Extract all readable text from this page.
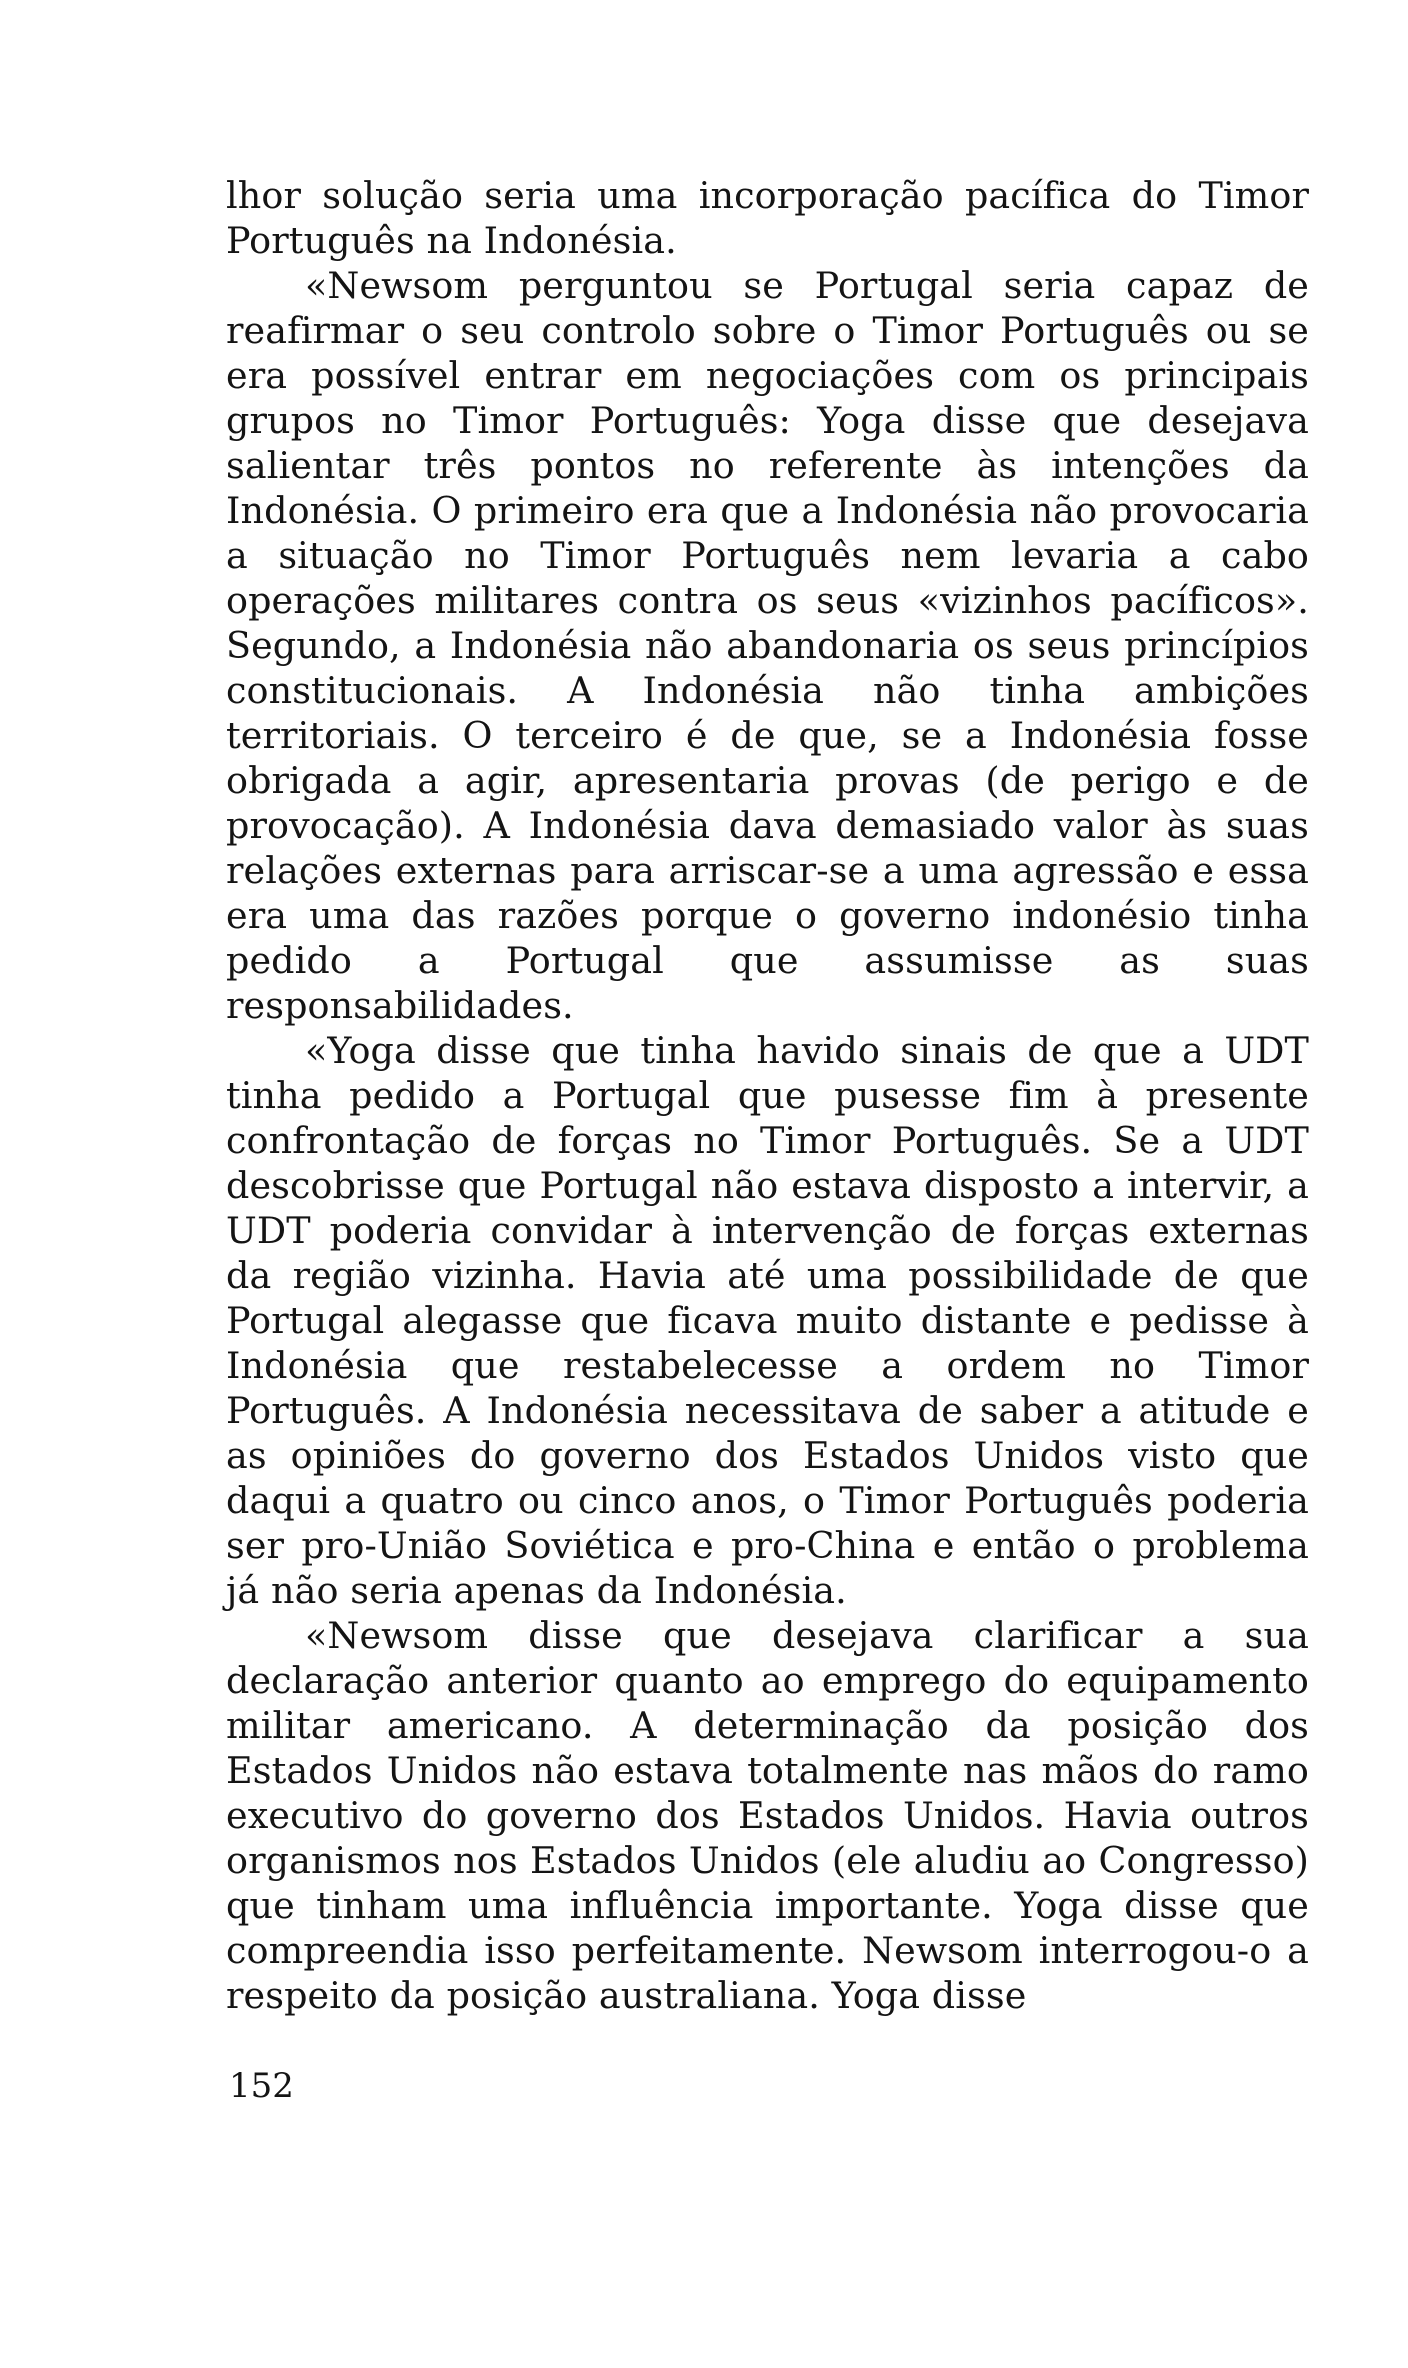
lhor solução seria uma incorporação pacífica do Timor Português na Indonésia.

«Newsom perguntou se Portugal seria capaz de reafirmar o seu controlo sobre o Timor Português ou se era possível entrar em negociações com os principais grupos no Timor Português: Yoga disse que desejava salientar três pontos no referente às intenções da Indonésia. O primeiro era que a Indonésia não provocaria a situação no Timor Português nem levaria a cabo operações militares contra os seus «vizinhos pacíficos». Segundo, a Indonésia não abandonaria os seus princípios constitucionais. A Indonésia não tinha ambições territoriais. O terceiro é de que, se a Indonésia fosse obrigada a agir, apresentaria provas (de perigo e de provocação). A Indonésia dava demasiado valor às suas relações externas para arriscar-se a uma agressão e essa era uma das razões porque o governo indonésio tinha pedido a Portugal que assumisse as suas responsabilidades.

«Yoga disse que tinha havido sinais de que a UDT tinha pedido a Portugal que pusesse fim à presente confrontação de forças no Timor Português. Se a UDT descobrisse que Portugal não estava disposto a intervir, a UDT poderia convidar à intervenção de forças externas da região vizinha. Havia até uma possibilidade de que Portugal alegasse que ficava muito distante e pedisse à Indonésia que restabelecesse a ordem no Timor Português. A Indonésia necessitava de saber a atitude e as opiniões do governo dos Estados Unidos visto que daqui a quatro ou cinco anos, o Timor Português poderia ser pro-União Soviética e pro-China e então o problema já não seria apenas da Indonésia.

«Newsom disse que desejava clarificar a sua declaração anterior quanto ao emprego do equipamento militar americano. A determinação da posição dos Estados Unidos não estava totalmente nas mãos do ramo executivo do governo dos Estados Unidos. Havia outros organismos nos Estados Unidos (ele aludiu ao Congresso) que tinham uma influência importante. Yoga disse que compreendia isso perfeitamente. Newsom interrogou-o a respeito da posição australiana. Yoga disse

152
